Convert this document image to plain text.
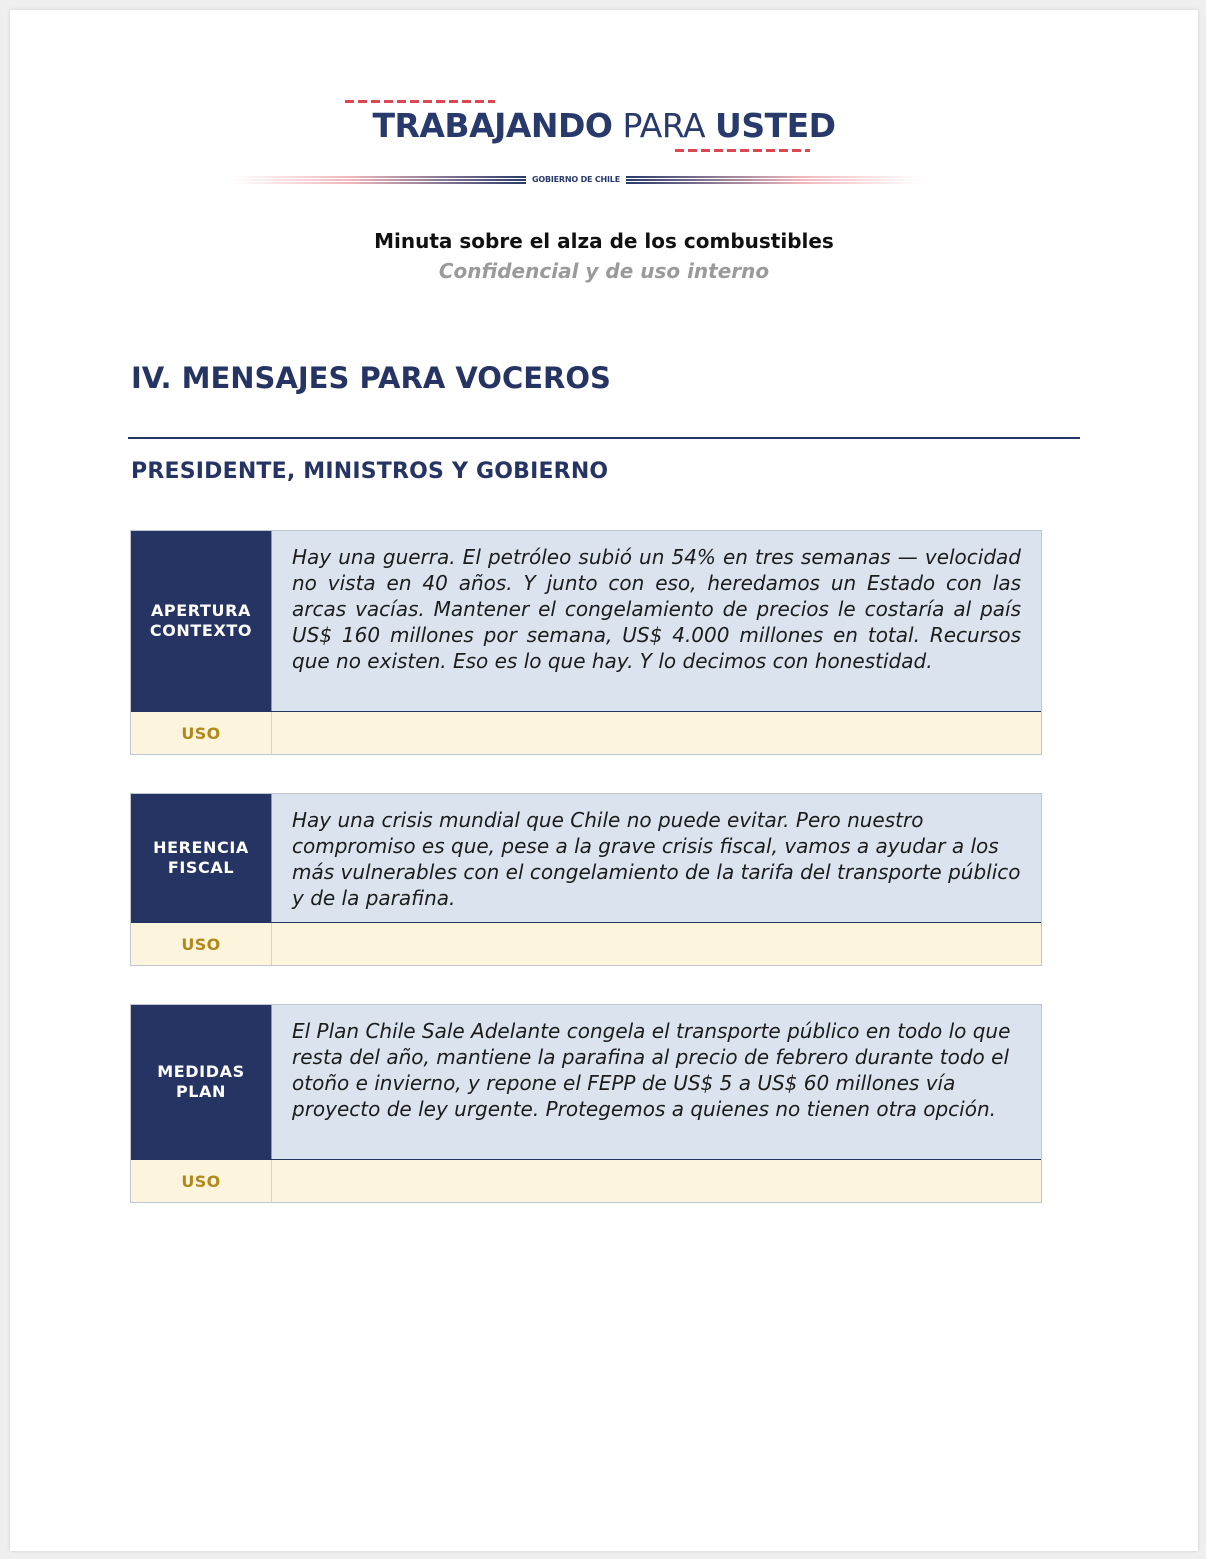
TRABAJANDO PARA USTED
GOBIERNO DE CHILE
Minuta sobre el alza de los combustibles
Confidencial y de uso interno
IV. MENSAJES PARA VOCEROS
PRESIDENTE, MINISTROS Y GOBIERNO
APERTURA
CONTEXTO
Hay una guerra. El petróleo subió un 54% en tres semanas — velocidad no vista en 40 años. Y junto con eso, heredamos un Estado con las arcas vacías. Mantener el congelamiento de precios le costaría al país US$ 160 millones por semana, US$ 4.000 millones en total. Recursos que no existen. Eso es lo que hay. Y lo decimos con honestidad.
USO
HERENCIA
FISCAL
Hay una crisis mundial que Chile no puede evitar. Pero nuestro compromiso es que, pese a la grave crisis fiscal, vamos a ayudar a los más vulnerables con el congelamiento de la tarifa del transporte público y de la parafina.
USO
MEDIDAS
PLAN
El Plan Chile Sale Adelante congela el transporte público en todo lo que resta del año, mantiene la parafina al precio de febrero durante todo el otoño e invierno, y repone el FEPP de US$ 5 a US$ 60 millones vía proyecto de ley urgente. Protegemos a quienes no tienen otra opción.
USO
